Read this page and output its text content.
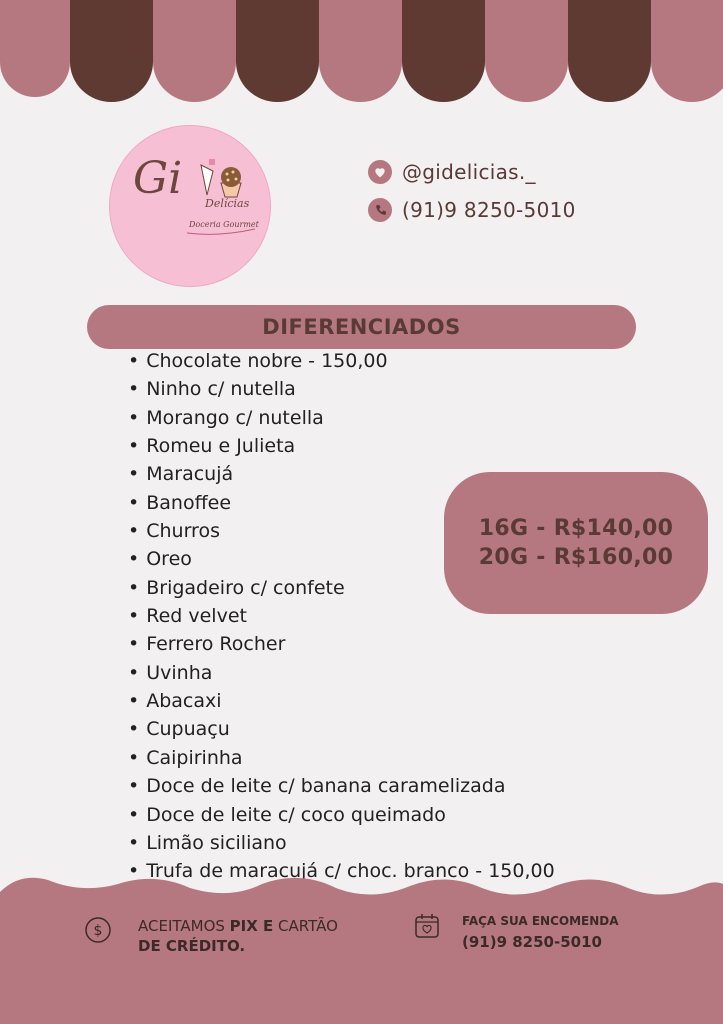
Gi Delícias
Doceria Gourmet
@gidelicias._
(91)9 8250-5010
DIFERENCIADOS
• Chocolate nobre - 150,00
• Ninho c/ nutella
• Morango c/ nutella
• Romeu e Julieta
• Maracujá
• Banoffee
• Churros
• Oreo
• Brigadeiro c/ confete
• Red velvet
• Ferrero Rocher
• Uvinha
• Abacaxi
• Cupuaçu
• Caipirinha
• Doce de leite c/ banana caramelizada
• Doce de leite c/ coco queimado
• Limão siciliano
• Trufa de maracujá c/ choc. branco - 150,00
16G - R$140,00
20G - R$160,00
$ ACEITAMOS PIX E CARTÃO
DE CRÉDITO.
FAÇA SUA ENCOMENDA
(91)9 8250-5010
